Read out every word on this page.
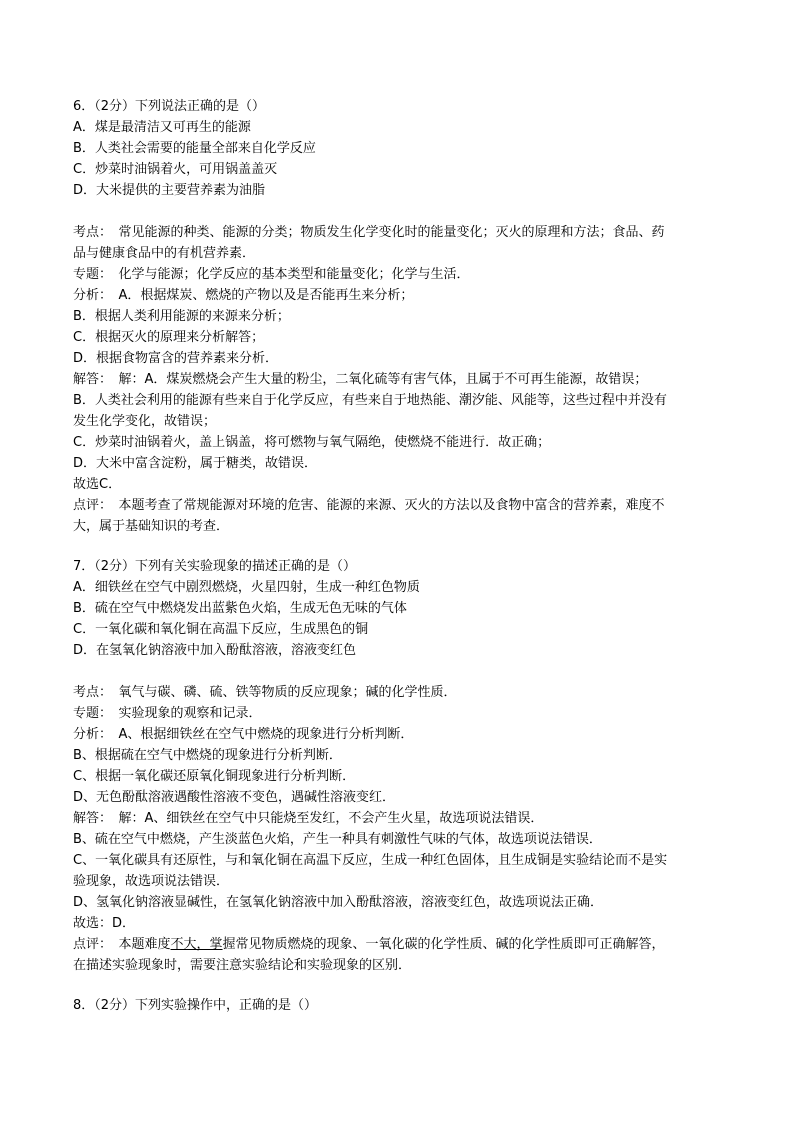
6．（2分）下列说法正确的是（）
A．煤是最清洁又可再生的能源
B．人类社会需要的能量全部来自化学反应
C．炒菜时油锅着火，可用锅盖盖灭
D．大米提供的主要营养素为油脂
考点：　常见能源的种类、能源的分类；物质发生化学变化时的能量变化；灭火的原理和方法；食品、药
品与健康食品中的有机营养素．
专题：　化学与能源；化学反应的基本类型和能量变化；化学与生活．
分析：　A．根据煤炭、燃烧的产物以及是否能再生来分析；
B．根据人类利用能源的来源来分析；
C．根据灭火的原理来分析解答；
D．根据食物富含的营养素来分析．
解答：　解：A．煤炭燃烧会产生大量的粉尘，二氧化硫等有害气体，且属于不可再生能源，故错误；
B．人类社会利用的能源有些来自于化学反应，有些来自于地热能、潮汐能、风能等，这些过程中并没有
发生化学变化，故错误；
C．炒菜时油锅着火，盖上锅盖，将可燃物与氧气隔绝，使燃烧不能进行．故正确；
D．大米中富含淀粉，属于糖类，故错误．
故选C．
点评：　本题考查了常规能源对环境的危害、能源的来源、灭火的方法以及食物中富含的营养素，难度不
大，属于基础知识的考查．
7．（2分）下列有关实验现象的描述正确的是（）
A．细铁丝在空气中剧烈燃烧，火星四射，生成一种红色物质
B．硫在空气中燃烧发出蓝紫色火焰，生成无色无味的气体
C．一氧化碳和氧化铜在高温下反应，生成黑色的铜
D．在氢氧化钠溶液中加入酚酞溶液，溶液变红色
考点：　氧气与碳、磷、硫、铁等物质的反应现象；碱的化学性质．
专题：　实验现象的观察和记录．
分析：　A、根据细铁丝在空气中燃烧的现象进行分析判断．
B、根据硫在空气中燃烧的现象进行分析判断．
C、根据一氧化碳还原氧化铜现象进行分析判断．
D、无色酚酞溶液遇酸性溶液不变色，遇碱性溶液变红．
解答：　解：A、细铁丝在空气中只能烧至发红，不会产生火星，故选项说法错误．
B、硫在空气中燃烧，产生淡蓝色火焰，产生一种具有刺激性气味的气体，故选项说法错误．
C、一氧化碳具有还原性，与和氧化铜在高温下反应，生成一种红色固体，且生成铜是实验结论而不是实
验现象，故选项说法错误．
D、氢氧化钠溶液显碱性，在氢氧化钠溶液中加入酚酞溶液，溶液变红色，故选项说法正确．
故选：D．
点评：　本题难度不大，掌握常见物质燃烧的现象、一氧化碳的化学性质、碱的化学性质即可正确解答，
在描述实验现象时，需要注意实验结论和实验现象的区别．
8．（2分）下列实验操作中，正确的是（）
